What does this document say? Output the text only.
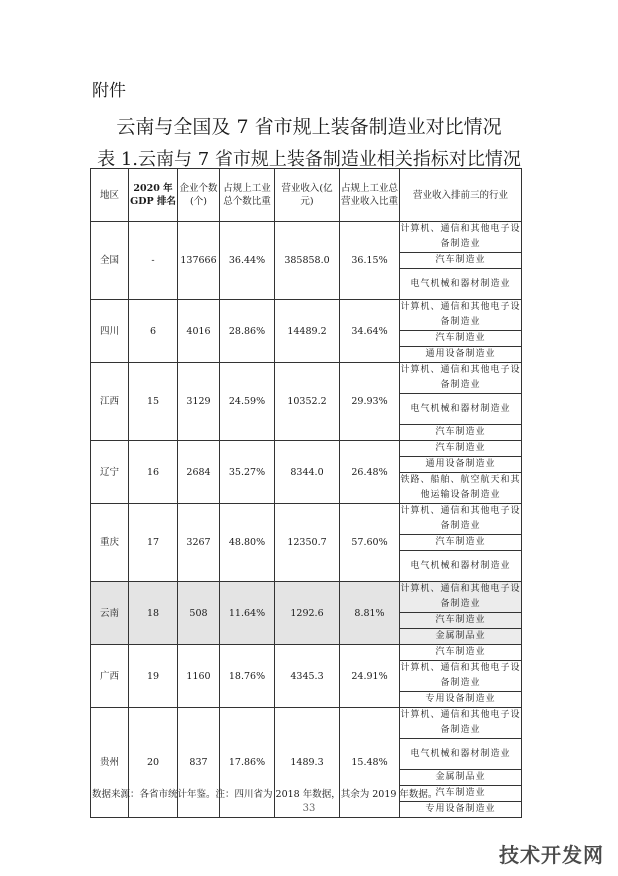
附件
云南与全国及 7 省市规上装备制造业对比情况
表 1.云南与 7 省市规上装备制造业相关指标对比情况
地区	2020 年 GDP 排名	企业个数(个)	占规上工业总个数比重	营业收入(亿元)	占规上工业总营业收入比重	营业收入排前三的行业
全国	-	137666	36.44%	385858.0	36.15%	计算机、通信和其他电子设备制造业
						汽车制造业
						电气机械和器材制造业
四川	6	4016	28.86%	14489.2	34.64%	计算机、通信和其他电子设备制造业
						汽车制造业
						通用设备制造业
江西	15	3129	24.59%	10352.2	29.93%	计算机、通信和其他电子设备制造业
						电气机械和器材制造业
						汽车制造业
辽宁	16	2684	35.27%	8344.0	26.48%	汽车制造业
						通用设备制造业
						铁路、船舶、航空航天和其他运输设备制造业
重庆	17	3267	48.80%	12350.7	57.60%	计算机、通信和其他电子设备制造业
						汽车制造业
						电气机械和器材制造业
云南	18	508	11.64%	1292.6	8.81%	计算机、通信和其他电子设备制造业
						汽车制造业
						金属制品业
广西	19	1160	18.76%	4345.3	24.91%	汽车制造业
						计算机、通信和其他电子设备制造业
						专用设备制造业
贵州	20	837	17.86%	1489.3	15.48%	计算机、通信和其他电子设备制造业
						电气机械和器材制造业
						金属制品业
						汽车制造业
						专用设备制造业
数据来源：各省市统计年鉴。注：四川省为 2018 年数据，其余为 2019 年数据。
33
技术开发网
